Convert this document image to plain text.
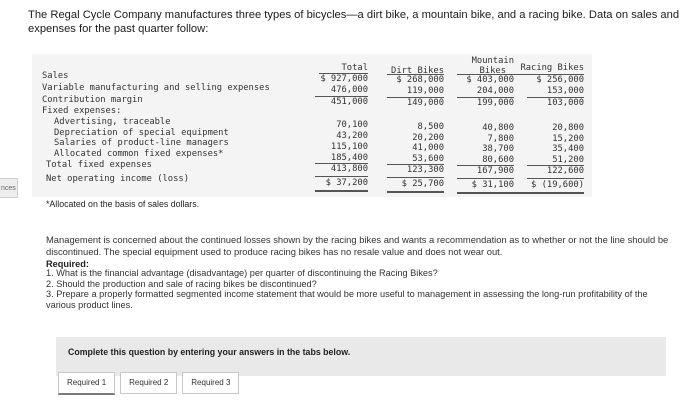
The Regal Cycle Company manufactures three types of bicycles—a dirt bike, a mountain bike, and a racing bike. Data on sales and expenses for the past quarter follow:
nces
Sales
Variable manufacturing and selling expenses
Contribution margin
Fixed expenses:
Advertising, traceable
Depreciation of special equipment
Salaries of product-line managers
Allocated common fixed expenses*
Total fixed expenses
Net operating income (loss)
Total
$ 927,000
476,000
451,000
70,100
43,200
115,100
185,400
413,800
$ 37,200
Dirt Bikes
$ 268,000
119,000
149,000
8,500
20,200
41,000
53,600
123,300
$ 25,700
Mountain
Bikes
$ 403,000
204,000
199,000
40,800
7,800
38,700
80,600
167,900
$ 31,100
Racing Bikes
$ 256,000
153,000
103,000
20,800
15,200
35,400
51,200
122,600
$ (19,600)
*Allocated on the basis of sales dollars.
Management is concerned about the continued losses shown by the racing bikes and wants a recommendation as to whether or not the line should be discontinued. The special equipment used to produce racing bikes has no resale value and does not wear out.
Required:
1. What is the financial advantage (disadvantage) per quarter of discontinuing the Racing Bikes?
2. Should the production and sale of racing bikes be discontinued?
3. Prepare a properly formatted segmented income statement that would be more useful to management in assessing the long-run profitability of the various product lines.
Complete this question by entering your answers in the tabs below.
Required 1	Required 2	Required 3
